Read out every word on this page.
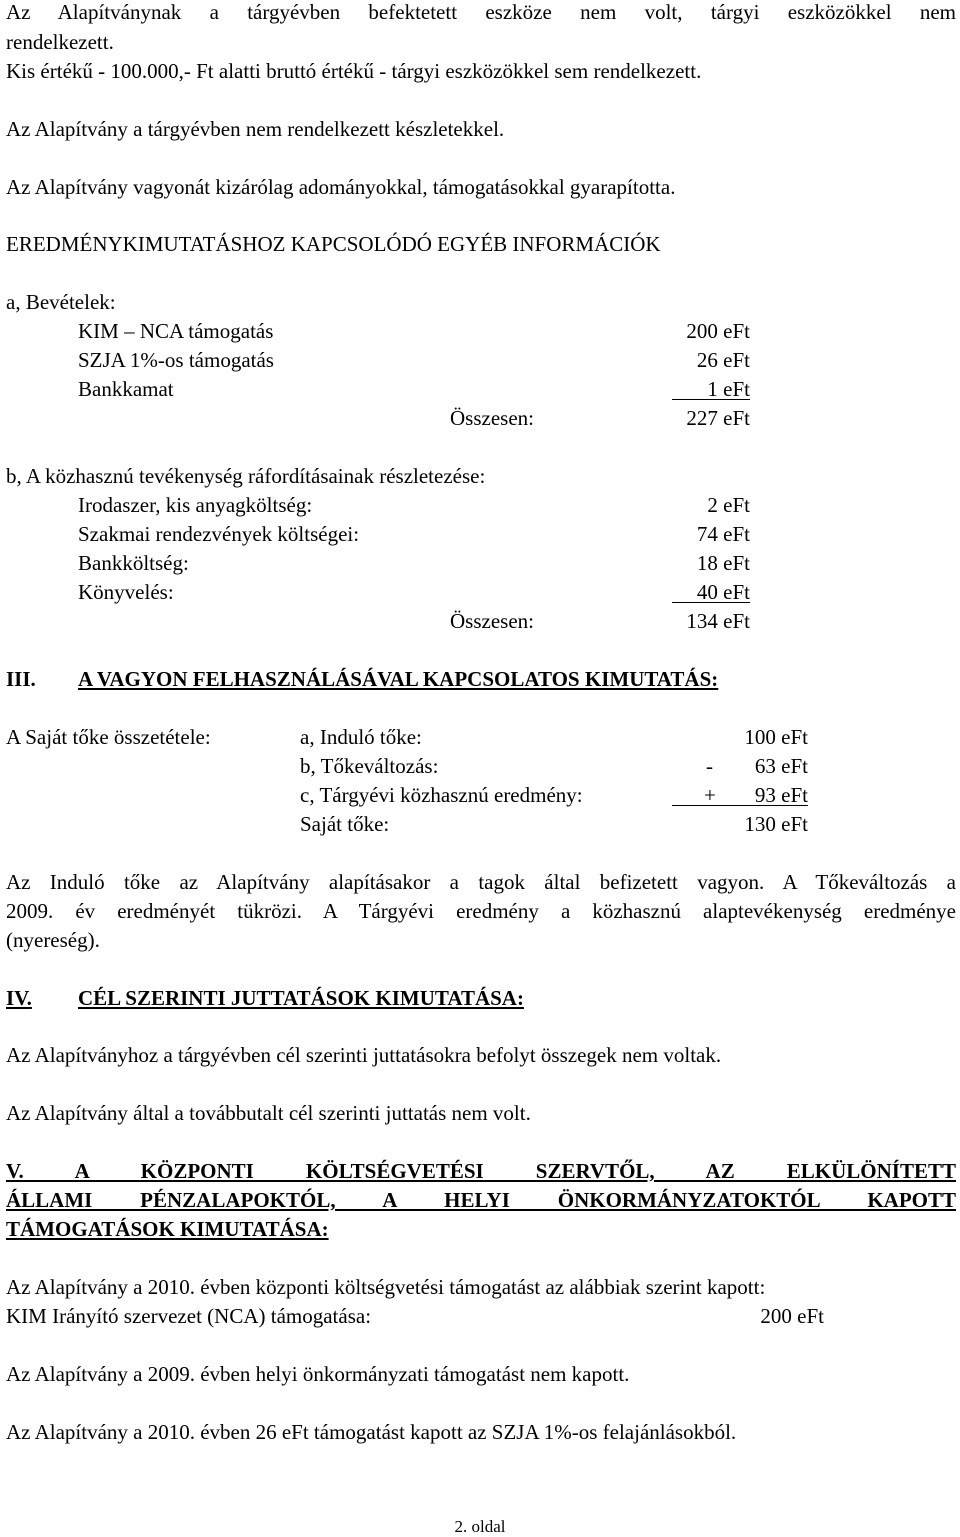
Az Alapítványnak a tárgyévben befektetett eszköze nem volt, tárgyi eszközökkel nem
rendelkezett.
Kis értékű - 100.000,- Ft alatti bruttó értékű - tárgyi eszközökkel sem rendelkezett.
Az Alapítvány a tárgyévben nem rendelkezett készletekkel.
Az Alapítvány vagyonát kizárólag adományokkal, támogatásokkal gyarapította.
EREDMÉNYKIMUTATÁSHOZ KAPCSOLÓDÓ EGYÉB INFORMÁCIÓK
a, Bevételek:
KIM – NCA támogatás	200 eFt
SZJA 1%-os támogatás	26 eFt
Bankkamat	1 eFt
Összesen:	227 eFt
b, A közhasznú tevékenység ráfordításainak részletezése:
Irodaszer, kis anyagköltség:	2 eFt
Szakmai rendezvények költségei:	74 eFt
Bankköltség:	18 eFt
Könyvelés:	40 eFt
Összesen:	134 eFt
III. A VAGYON FELHASZNÁLÁSÁVAL KAPCSOLATOS KIMUTATÁS:
A Saját tőke összetétele:	a, Induló tőke:	100 eFt
b, Tőkeváltozás:	-	63 eFt
c, Tárgyévi közhasznú eredmény:	+	93 eFt
Saját tőke:	130 eFt
Az Induló tőke az Alapítvány alapításakor a tagok által befizetett vagyon. A Tőkeváltozás a
2009. év eredményét tükrözi. A Tárgyévi eredmény a közhasznú alaptevékenység eredménye
(nyereség).
IV. CÉL SZERINTI JUTTATÁSOK KIMUTATÁSA:
Az Alapítványhoz a tárgyévben cél szerinti juttatásokra befolyt összegek nem voltak.
Az Alapítvány által a továbbutalt cél szerinti juttatás nem volt.
V. A KÖZPONTI KÖLTSÉGVETÉSI SZERVTŐL, AZ ELKÜLÖNÍTETT
ÁLLAMI PÉNZALAPOKTÓL, A HELYI ÖNKORMÁNYZATOKTÓL KAPOTT
TÁMOGATÁSOK KIMUTATÁSA:
Az Alapítvány a 2010. évben központi költségvetési támogatást az alábbiak szerint kapott:
KIM Irányító szervezet (NCA) támogatása:	200 eFt
Az Alapítvány a 2009. évben helyi önkormányzati támogatást nem kapott.
Az Alapítvány a 2010. évben 26 eFt támogatást kapott az SZJA 1%-os felajánlásokból.
2. oldal
